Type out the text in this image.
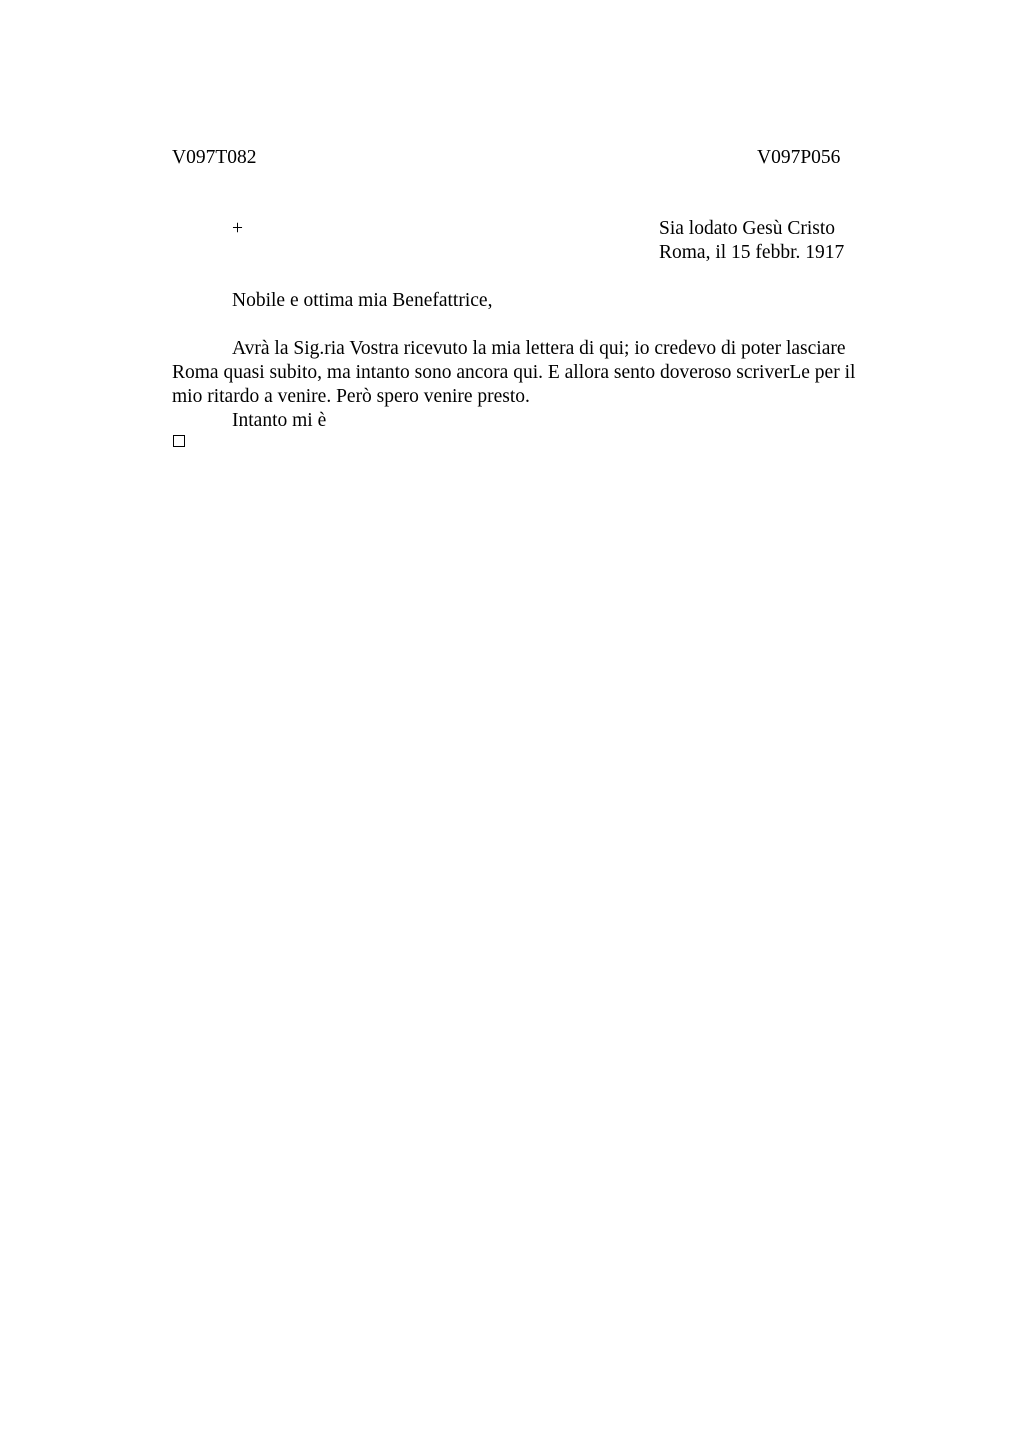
V097T082	V097P056
+	Sia lodato Gesù Cristo
Roma, il 15 febbr. 1917
Nobile e ottima mia Benefattrice,
Avrà la Sig.ria Vostra ricevuto la mia lettera di qui; io credevo di poter lasciare
Roma quasi subito, ma intanto sono ancora qui. E allora sento doveroso scriverLe per il
mio ritardo a venire. Però spero venire presto.
Intanto mi è
